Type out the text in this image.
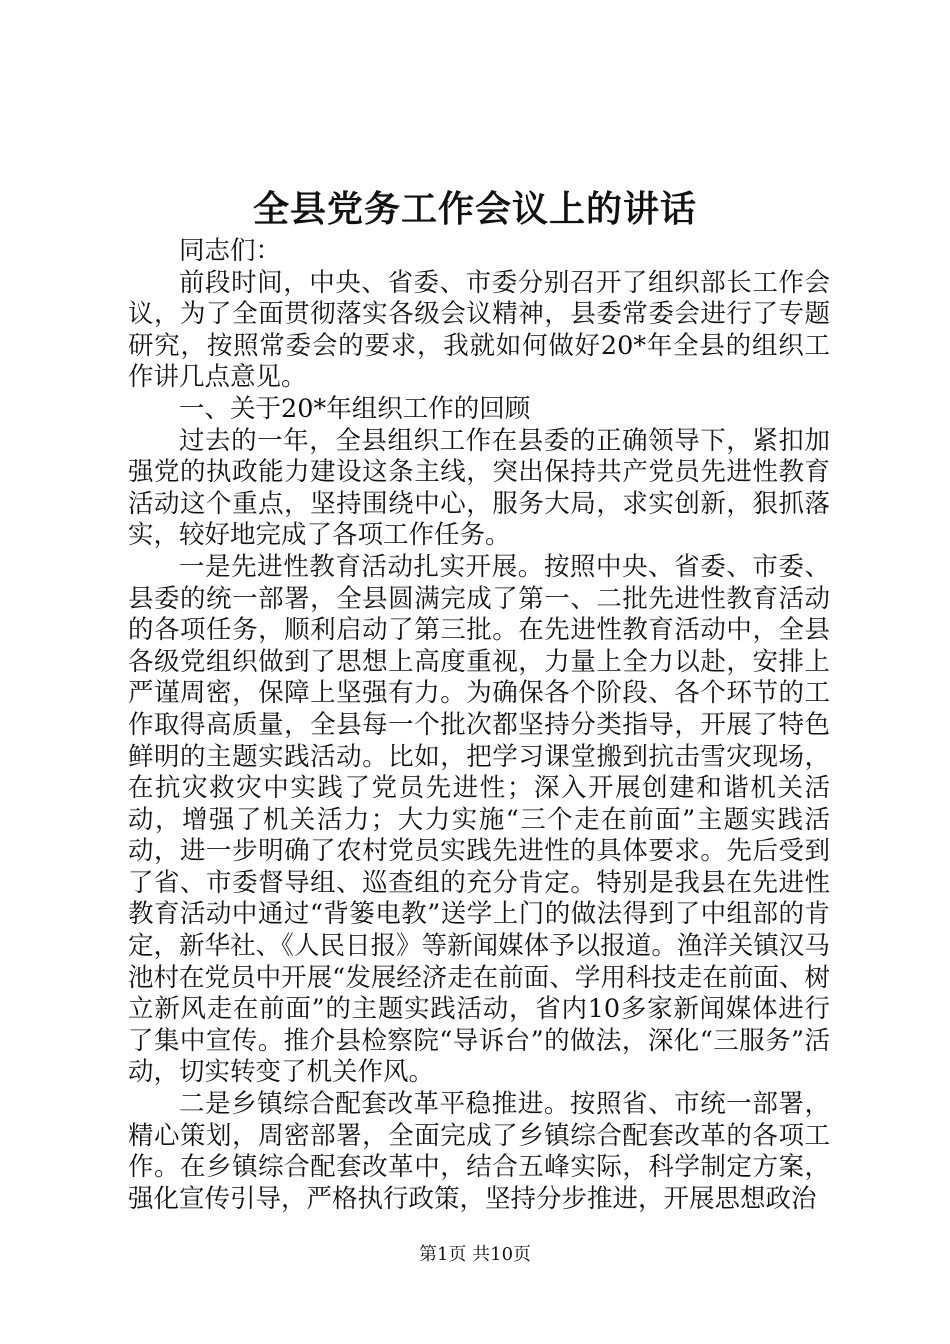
全县党务工作会议上的讲话

同志们：

前段时间，中央、省委、市委分别召开了组织部长工作会议，为了全面贯彻落实各级会议精神，县委常委会进行了专题研究，按照常委会的要求，我就如何做好20*年全县的组织工作讲几点意见。

一、关于20*年组织工作的回顾

过去的一年，全县组织工作在县委的正确领导下，紧扣加强党的执政能力建设这条主线，突出保持共产党员先进性教育活动这个重点，坚持围绕中心，服务大局，求实创新，狠抓落实，较好地完成了各项工作任务。

一是先进性教育活动扎实开展。按照中央、省委、市委、县委的统一部署，全县圆满完成了第一、二批先进性教育活动的各项任务，顺利启动了第三批。在先进性教育活动中，全县各级党组织做到了思想上高度重视，力量上全力以赴，安排上严谨周密，保障上坚强有力。为确保各个阶段、各个环节的工作取得高质量，全县每一个批次都坚持分类指导，开展了特色鲜明的主题实践活动。比如，把学习课堂搬到抗击雪灾现场，在抗灾救灾中实践了党员先进性；深入开展创建和谐机关活动，增强了机关活力；大力实施“三个走在前面”主题实践活动，进一步明确了农村党员实践先进性的具体要求。先后受到了省、市委督导组、巡查组的充分肯定。特别是我县在先进性教育活动中通过“背篓电教”送学上门的做法得到了中组部的肯定，新华社、《人民日报》等新闻媒体予以报道。渔洋关镇汉马池村在党员中开展“发展经济走在前面、学用科技走在前面、树立新风走在前面”的主题实践活动，省内10多家新闻媒体进行了集中宣传。推介县检察院“导诉台”的做法，深化“三服务”活动，切实转变了机关作风。

二是乡镇综合配套改革平稳推进。按照省、市统一部署，精心策划，周密部署，全面完成了乡镇综合配套改革的各项工作。在乡镇综合配套改革中，结合五峰实际，科学制定方案，强化宣传引导，严格执行政策，坚持分步推进，开展思想政治

第1页 共10页
